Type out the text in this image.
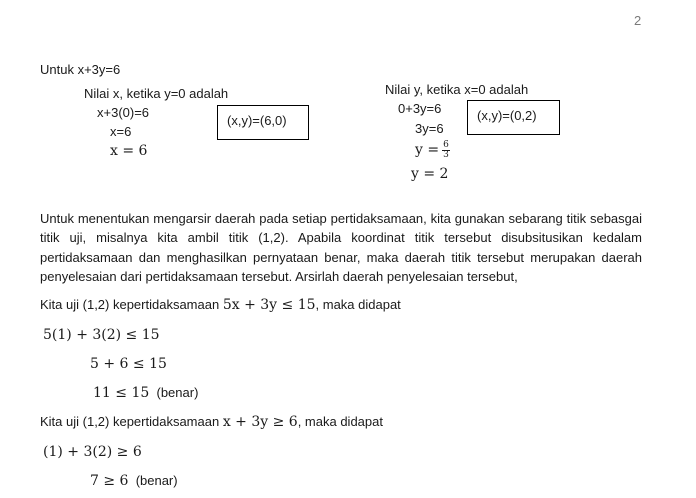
2
Untuk x+3y=6
Nilai x, ketika y=0 adalah
x+3(0)=6
x=6
x = 6
(x,y)=(6,0)
Nilai y, ketika x=0 adalah
0+3y=6
3y=6
$y = \frac{6}{3}$
y = 2
(x,y)=(0,2)
Untuk menentukan mengarsir daerah pada setiap pertidaksamaan, kita gunakan sebarang titik sebasgai titik uji, misalnya kita ambil titik (1,2). Apabila koordinat titik tersebut disubsitusikan kedalam pertidaksamaan dan menghasilkan pernyataan benar, maka daerah titik tersebut merupakan daerah penyelesaian dari pertidaksamaan tersebut. Arsirlah daerah penyelesaian tersebut,
Kita uji (1,2) kepertidaksamaan 5x + 3y ≤ 15, maka didapat
5(1) + 3(2) ≤ 15
5 + 6 ≤ 15
11 ≤ 15 (benar)
Kita uji (1,2) kepertidaksamaan x + 3y ≥ 6, maka didapat
(1) + 3(2) ≥ 6
7 ≥ 6 (benar)
